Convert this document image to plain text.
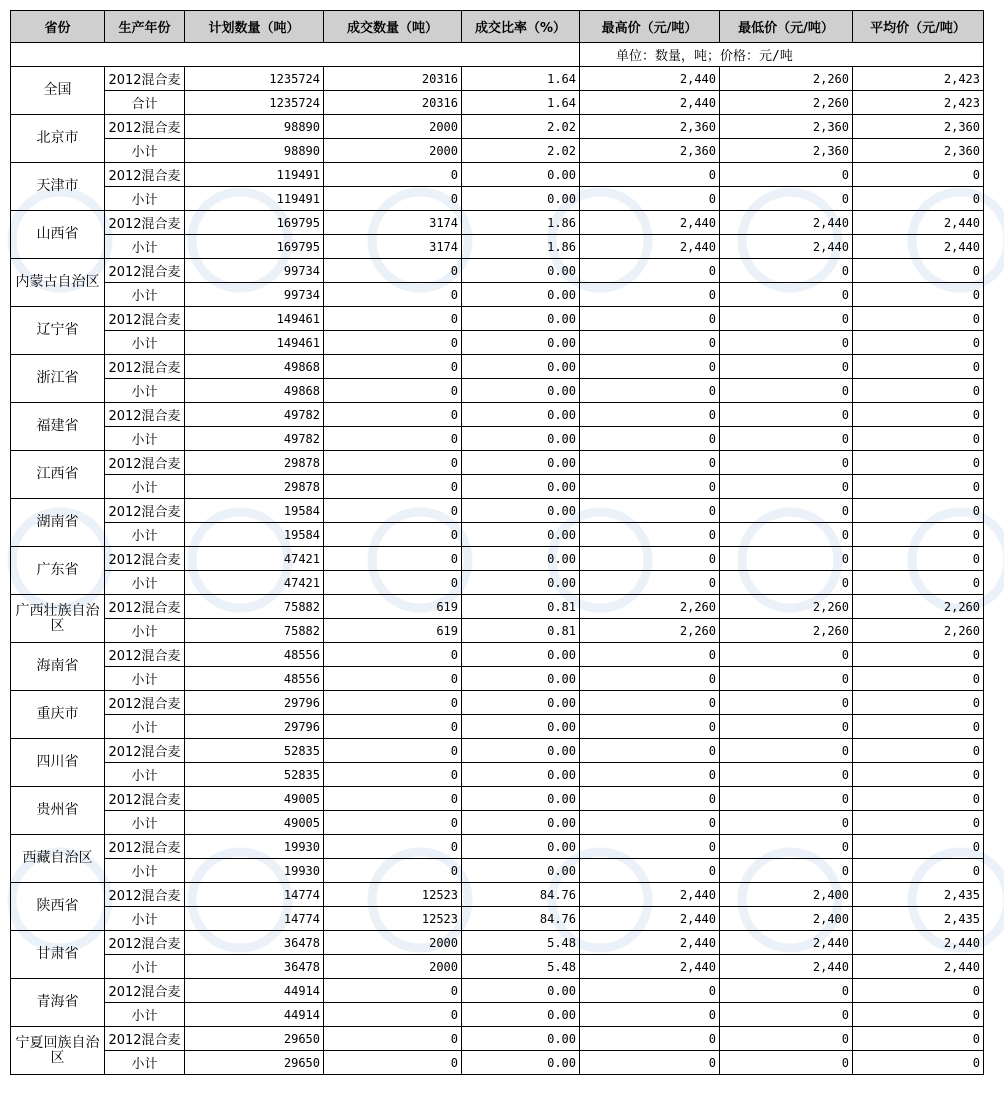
					单位：数量，吨；价格：元/吨		
省份	生产年份	计划数量（吨）	成交数量（吨）	成交比率（%）	最高价（元/吨）	最低价（元/吨）	平均价（元/吨）
全国	2012混合麦	1235724	20316	1.64	2,440	2,260	2,423
	合计	1235724	20316	1.64	2,440	2,260	2,423
北京市	2012混合麦	98890	2000	2.02	2,360	2,360	2,360
	小计	98890	2000	2.02	2,360	2,360	2,360
天津市	2012混合麦	119491	0	0.00	0	0	0
	小计	119491	0	0.00	0	0	0
山西省	2012混合麦	169795	3174	1.86	2,440	2,440	2,440
	小计	169795	3174	1.86	2,440	2,440	2,440
内蒙古自治区	2012混合麦	99734	0	0.00	0	0	0
	小计	99734	0	0.00	0	0	0
辽宁省	2012混合麦	149461	0	0.00	0	0	0
	小计	149461	0	0.00	0	0	0
浙江省	2012混合麦	49868	0	0.00	0	0	0
	小计	49868	0	0.00	0	0	0
福建省	2012混合麦	49782	0	0.00	0	0	0
	小计	49782	0	0.00	0	0	0
江西省	2012混合麦	29878	0	0.00	0	0	0
	小计	29878	0	0.00	0	0	0
湖南省	2012混合麦	19584	0	0.00	0	0	0
	小计	19584	0	0.00	0	0	0
广东省	2012混合麦	47421	0	0.00	0	0	0
	小计	47421	0	0.00	0	0	0
广西壮族自治区	2012混合麦	75882	619	0.81	2,260	2,260	2,260
	小计	75882	619	0.81	2,260	2,260	2,260
海南省	2012混合麦	48556	0	0.00	0	0	0
	小计	48556	0	0.00	0	0	0
重庆市	2012混合麦	29796	0	0.00	0	0	0
	小计	29796	0	0.00	0	0	0
四川省	2012混合麦	52835	0	0.00	0	0	0
	小计	52835	0	0.00	0	0	0
贵州省	2012混合麦	49005	0	0.00	0	0	0
	小计	49005	0	0.00	0	0	0
西藏自治区	2012混合麦	19930	0	0.00	0	0	0
	小计	19930	0	0.00	0	0	0
陕西省	2012混合麦	14774	12523	84.76	2,440	2,400	2,435
	小计	14774	12523	84.76	2,440	2,400	2,435
甘肃省	2012混合麦	36478	2000	5.48	2,440	2,440	2,440
	小计	36478	2000	5.48	2,440	2,440	2,440
青海省	2012混合麦	44914	0	0.00	0	0	0
	小计	44914	0	0.00	0	0	0
宁夏回族自治区	2012混合麦	29650	0	0.00	0	0	0
	小计	29650	0	0.00	0	0	0
